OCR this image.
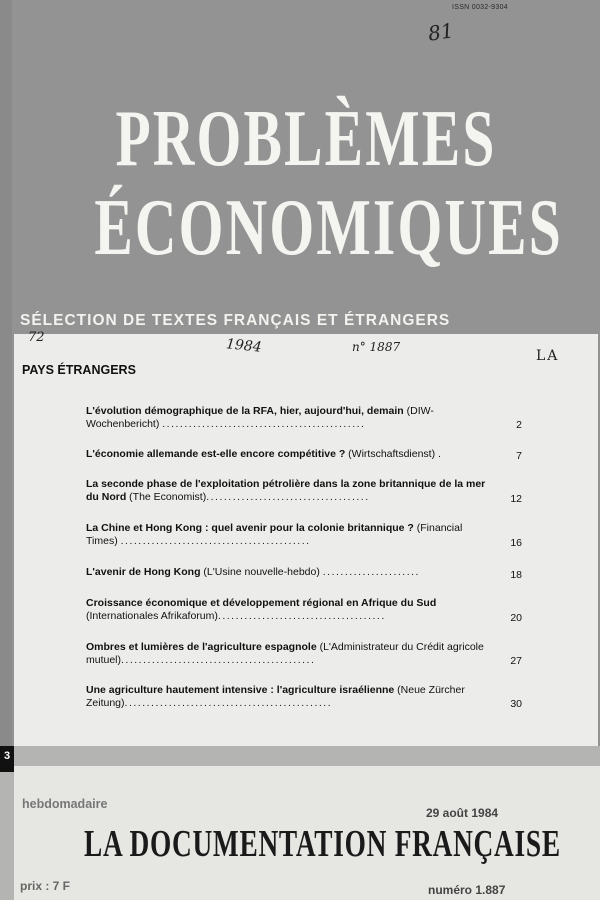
ISSN 0032-9304
81
PROBLÈMES
ÉCONOMIQUES
SÉLECTION DE TEXTES FRANÇAIS ET ÉTRANGERS
72	1984	n° 1887
LA
PAYS ÉTRANGERS
L'évolution démographique de la RFA, hier, aujourd'hui, demain (DIW-Wochenbericht) ..............................................	2
L'économie allemande est-elle encore compétitive ? (Wirtschaftsdienst) .	7
La seconde phase de l'exploitation pétrolière dans la zone britannique de la mer du Nord (The Economist).....................................	12
La Chine et Hong Kong : quel avenir pour la colonie britannique ? (Financial Times) ...........................................	16
L'avenir de Hong Kong (L'Usine nouvelle-hebdo) ......................	18
Croissance économique et développement régional en Afrique du Sud (Internationales Afrikaforum)......................................	20
Ombres et lumières de l'agriculture espagnole (L'Administrateur du Crédit agricole mutuel)............................................	27
Une agriculture hautement intensive : l'agriculture israélienne (Neue Zürcher Zeitung)...............................................	30
3
hebdomadaire
29 août 1984
LA DOCUMENTATION FRANÇAISE
prix : 7 F	numéro 1.887
